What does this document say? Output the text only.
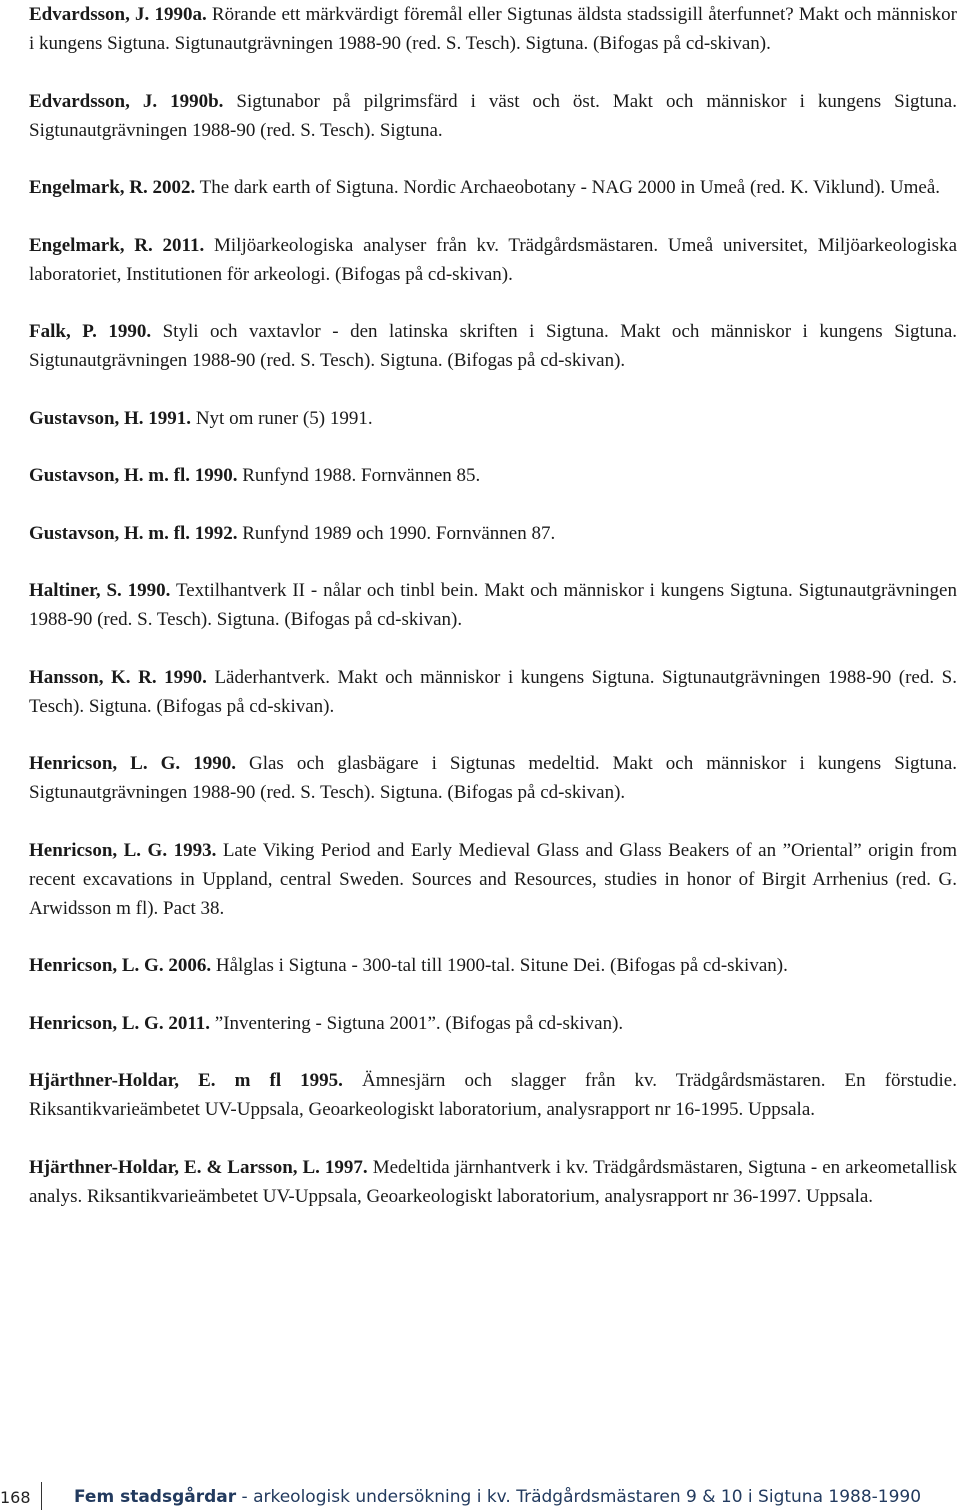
Edvardsson, J. 1990a. Rörande ett märkvärdigt föremål eller Sigtunas äldsta stadssigill återfunnet? Makt och människor i kungens Sigtuna. Sigtunautgrävningen 1988-90 (red. S. Tesch). Sigtuna. (Bifogas på cd-skivan).

Edvardsson, J. 1990b. Sigtunabor på pilgrimsfärd i väst och öst. Makt och människor i kungens Sigtuna. Sigtunautgrävningen 1988-90 (red. S. Tesch). Sigtuna.

Engelmark, R. 2002. The dark earth of Sigtuna. Nordic Archaeobotany - NAG 2000 in Umeå (red. K. Viklund). Umeå.

Engelmark, R. 2011. Miljöarkeologiska analyser från kv. Trädgårdsmästaren. Umeå universitet, Miljöarkeologiska laboratoriet, Institutionen för arkeologi. (Bifogas på cd-skivan).

Falk, P. 1990. Styli och vaxtavlor - den latinska skriften i Sigtuna. Makt och människor i kungens Sigtuna. Sigtunautgrävningen 1988-90 (red. S. Tesch). Sigtuna. (Bifogas på cd-skivan).

Gustavson, H. 1991. Nyt om runer (5) 1991.

Gustavson, H. m. fl. 1990. Runfynd 1988. Fornvännen 85.

Gustavson, H. m. fl. 1992. Runfynd 1989 och 1990. Fornvännen 87.

Haltiner, S. 1990. Textilhantverk II - nålar och tinbl bein. Makt och människor i kungens Sigtuna. Sigtunautgrävningen 1988-90 (red. S. Tesch). Sigtuna. (Bifogas på cd-skivan).

Hansson, K. R. 1990. Läderhantverk. Makt och människor i kungens Sigtuna. Sigtunautgrävningen 1988-90 (red. S. Tesch). Sigtuna. (Bifogas på cd-skivan).

Henricson, L. G. 1990. Glas och glasbägare i Sigtunas medeltid. Makt och människor i kungens Sigtuna. Sigtunautgrävningen 1988-90 (red. S. Tesch). Sigtuna. (Bifogas på cd-skivan).

Henricson, L. G. 1993. Late Viking Period and Early Medieval Glass and Glass Beakers of an ”Oriental” origin from recent excavations in Uppland, central Sweden. Sources and Resources, studies in honor of Birgit Arrhenius (red. G. Arwidsson m fl). Pact 38.

Henricson, L. G. 2006. Hålglas i Sigtuna - 300-tal till 1900-tal. Situne Dei. (Bifogas på cd-skivan).

Henricson, L. G. 2011. ”Inventering - Sigtuna 2001”. (Bifogas på cd-skivan).

Hjärthner-Holdar, E. m fl 1995. Ämnesjärn och slagger från kv. Trädgårdsmästaren. En förstudie. Riksantikvarieämbetet UV-Uppsala, Geoarkeologiskt laboratorium, analysrapport nr 16-1995. Uppsala.

Hjärthner-Holdar, E. & Larsson, L. 1997. Medeltida järnhantverk i kv. Trädgårdsmästaren, Sigtuna - en arkeometallisk analys. Riksantikvarieämbetet UV-Uppsala, Geoarkeologiskt laboratorium, analysrapport nr 36-1997. Uppsala.

168	Fem stadsgårdar - arkeologisk undersökning i kv. Trädgårdsmästaren 9 & 10 i Sigtuna 1988-1990
